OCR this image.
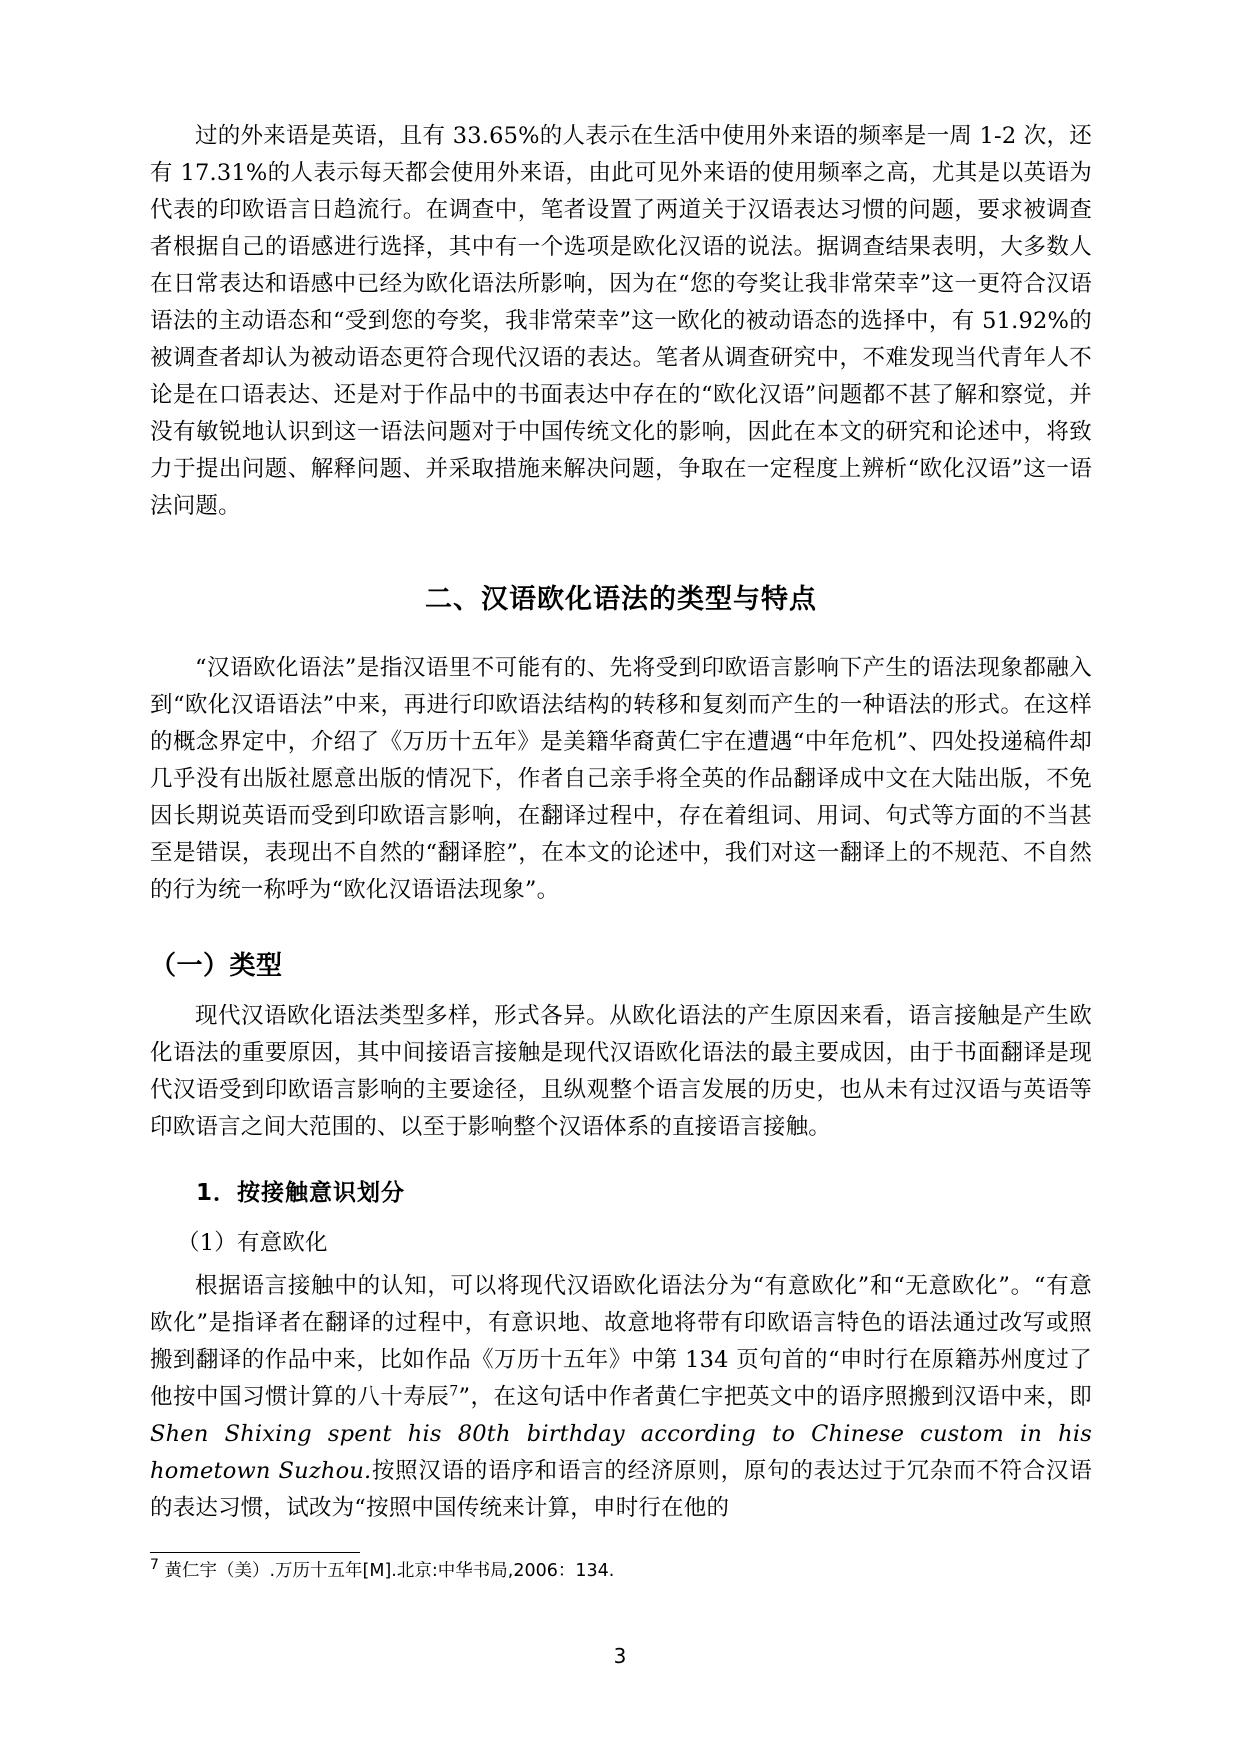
过的外来语是英语，且有 33.65%的人表示在生活中使用外来语的频率是一周 1-2 次，还有 17.31%的人表示每天都会使用外来语，由此可见外来语的使用频率之高，尤其是以英语为代表的印欧语言日趋流行。在调查中，笔者设置了两道关于汉语表达习惯的问题，要求被调查者根据自己的语感进行选择，其中有一个选项是欧化汉语的说法。据调查结果表明，大多数人在日常表达和语感中已经为欧化语法所影响，因为在“您的夸奖让我非常荣幸”这一更符合汉语语法的主动语态和“受到您的夸奖，我非常荣幸”这一欧化的被动语态的选择中，有 51.92%的被调查者却认为被动语态更符合现代汉语的表达。笔者从调查研究中，不难发现当代青年人不论是在口语表达、还是对于作品中的书面表达中存在的“欧化汉语”问题都不甚了解和察觉，并没有敏锐地认识到这一语法问题对于中国传统文化的影响，因此在本文的研究和论述中，将致力于提出问题、解释问题、并采取措施来解决问题，争取在一定程度上辨析“欧化汉语”这一语法问题。
二、汉语欧化语法的类型与特点
“汉语欧化语法”是指汉语里不可能有的、先将受到印欧语言影响下产生的语法现象都融入到“欧化汉语语法”中来，再进行印欧语法结构的转移和复刻而产生的一种语法的形式。在这样的概念界定中，介绍了《万历十五年》是美籍华裔黄仁宇在遭遇“中年危机”、四处投递稿件却几乎没有出版社愿意出版的情况下，作者自己亲手将全英的作品翻译成中文在大陆出版，不免因长期说英语而受到印欧语言影响，在翻译过程中，存在着组词、用词、句式等方面的不当甚至是错误，表现出不自然的“翻译腔”，在本文的论述中，我们对这一翻译上的不规范、不自然的行为统一称呼为“欧化汉语语法现象”。
（一）类型
现代汉语欧化语法类型多样，形式各异。从欧化语法的产生原因来看，语言接触是产生欧化语法的重要原因，其中间接语言接触是现代汉语欧化语法的最主要成因，由于书面翻译是现代汉语受到印欧语言影响的主要途径，且纵观整个语言发展的历史，也从未有过汉语与英语等印欧语言之间大范围的、以至于影响整个汉语体系的直接语言接触。
1．按接触意识划分
（1）有意欧化
根据语言接触中的认知，可以将现代汉语欧化语法分为“有意欧化”和“无意欧化”。“有意欧化”是指译者在翻译的过程中，有意识地、故意地将带有印欧语言特色的语法通过改写或照搬到翻译的作品中来，比如作品《万历十五年》中第 134 页句首的“申时行在原籍苏州度过了他按中国习惯计算的八十寿辰$^7$”，在这句话中作者黄仁宇把英文中的语序照搬到汉语中来，即 Shen Shixing spent his 80th birthday according to Chinese custom in his hometown Suzhou.按照汉语的语序和语言的经济原则，原句的表达过于冗杂而不符合汉语的表达习惯，试改为“按照中国传统来计算，申时行在他的
$^7$ 黄仁宇（美）.万历十五年[M].北京:中华书局,2006：134.
3
